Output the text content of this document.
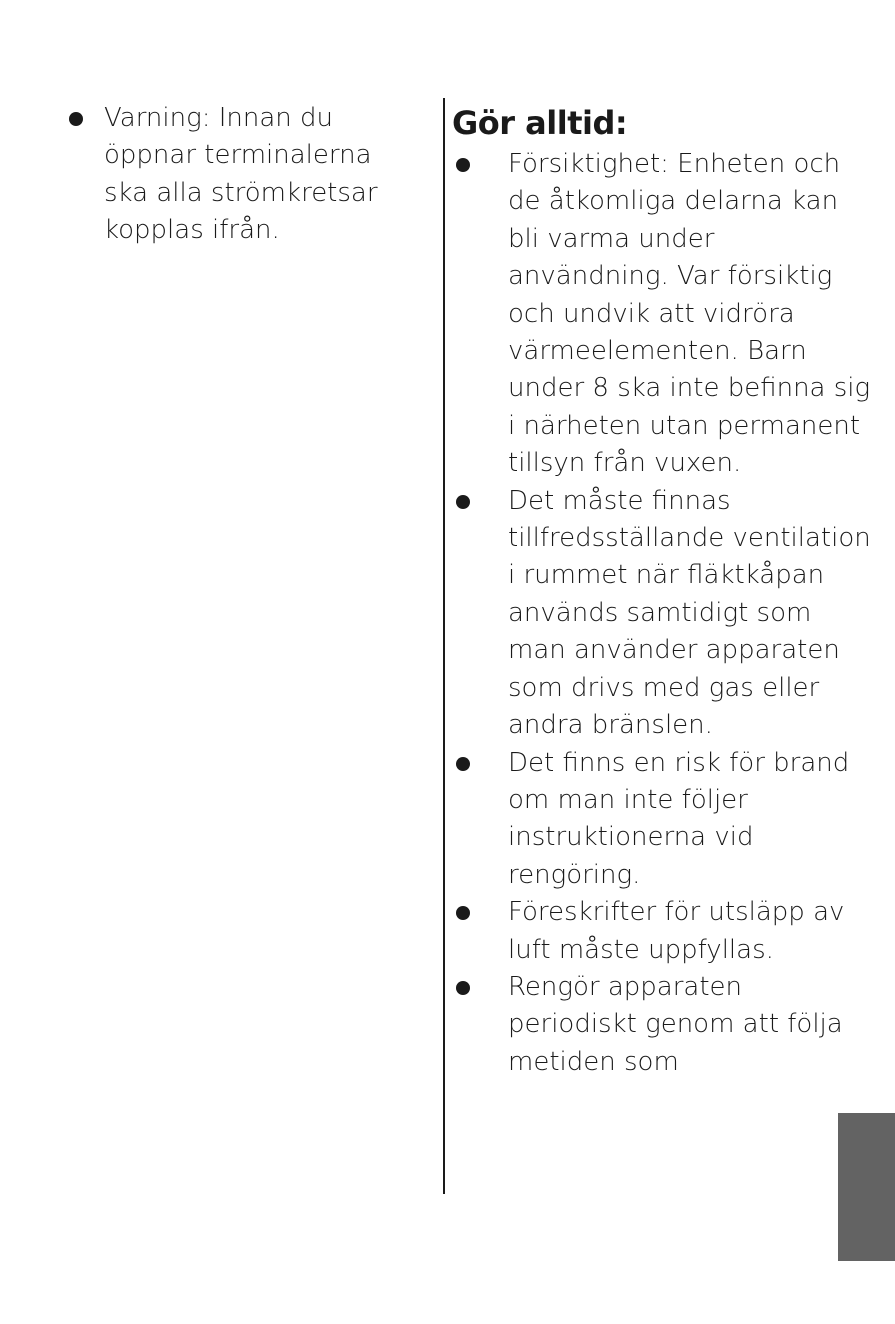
Varning: Innan du öppnar terminalerna ska alla strömkretsar kopplas ifrån.
Gör alltid:
Försiktighet: Enheten och de åtkomliga delarna kan bli varma under användning. Var försiktig och undvik att vidröra värmeelementen. Barn under 8 ska inte befinna sig i närheten utan permanent tillsyn från vuxen.
Det måste finnas tillfredsställande ventilation i rummet när fläktkåpan används samtidigt som man använder apparaten som drivs med gas eller andra bränslen.
Det finns en risk för brand om man inte följer instruktionerna vid rengöring.
Föreskrifter för utsläpp av luft måste uppfyllas.
Rengör apparaten periodiskt genom att följa metiden som
